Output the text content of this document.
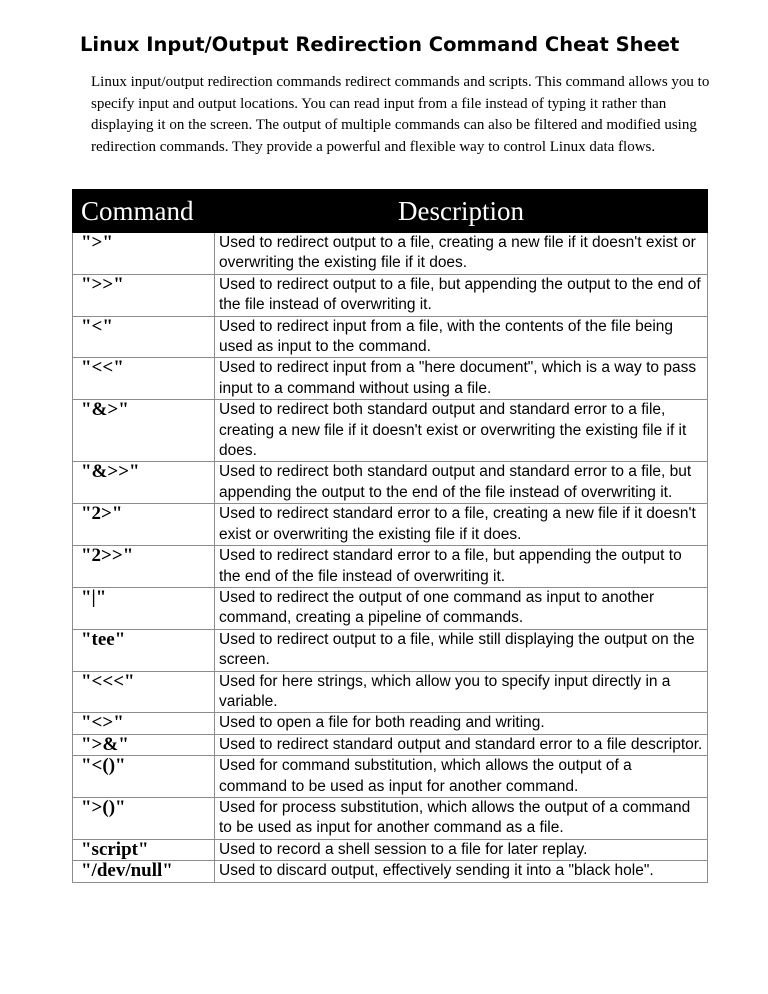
Linux Input/Output Redirection Command Cheat Sheet

Linux input/output redirection commands redirect commands and scripts. This command allows you to specify input and output locations. You can read input from a file instead of typing it rather than displaying it on the screen. The output of multiple commands can also be filtered and modified using redirection commands. They provide a powerful and flexible way to control Linux data flows.

Command	Description
">"	Used to redirect output to a file, creating a new file if it doesn't exist or overwriting the existing file if it does.
">>"	Used to redirect output to a file, but appending the output to the end of the file instead of overwriting it.
"<"	Used to redirect input from a file, with the contents of the file being used as input to the command.
"<<"	Used to redirect input from a "here document", which is a way to pass input to a command without using a file.
"&>"	Used to redirect both standard output and standard error to a file, creating a new file if it doesn't exist or overwriting the existing file if it does.
"&>>"	Used to redirect both standard output and standard error to a file, but appending the output to the end of the file instead of overwriting it.
"2>"	Used to redirect standard error to a file, creating a new file if it doesn't exist or overwriting the existing file if it does.
"2>>"	Used to redirect standard error to a file, but appending the output to the end of the file instead of overwriting it.
"|"	Used to redirect the output of one command as input to another command, creating a pipeline of commands.
"tee"	Used to redirect output to a file, while still displaying the output on the screen.
"<<<"	Used for here strings, which allow you to specify input directly in a variable.
"<>"	Used to open a file for both reading and writing.
">&"	Used to redirect standard output and standard error to a file descriptor.
"<()"	Used for command substitution, which allows the output of a command to be used as input for another command.
">()"	Used for process substitution, which allows the output of a command to be used as input for another command as a file.
"script"	Used to record a shell session to a file for later replay.
"/dev/null"	Used to discard output, effectively sending it into a "black hole".
